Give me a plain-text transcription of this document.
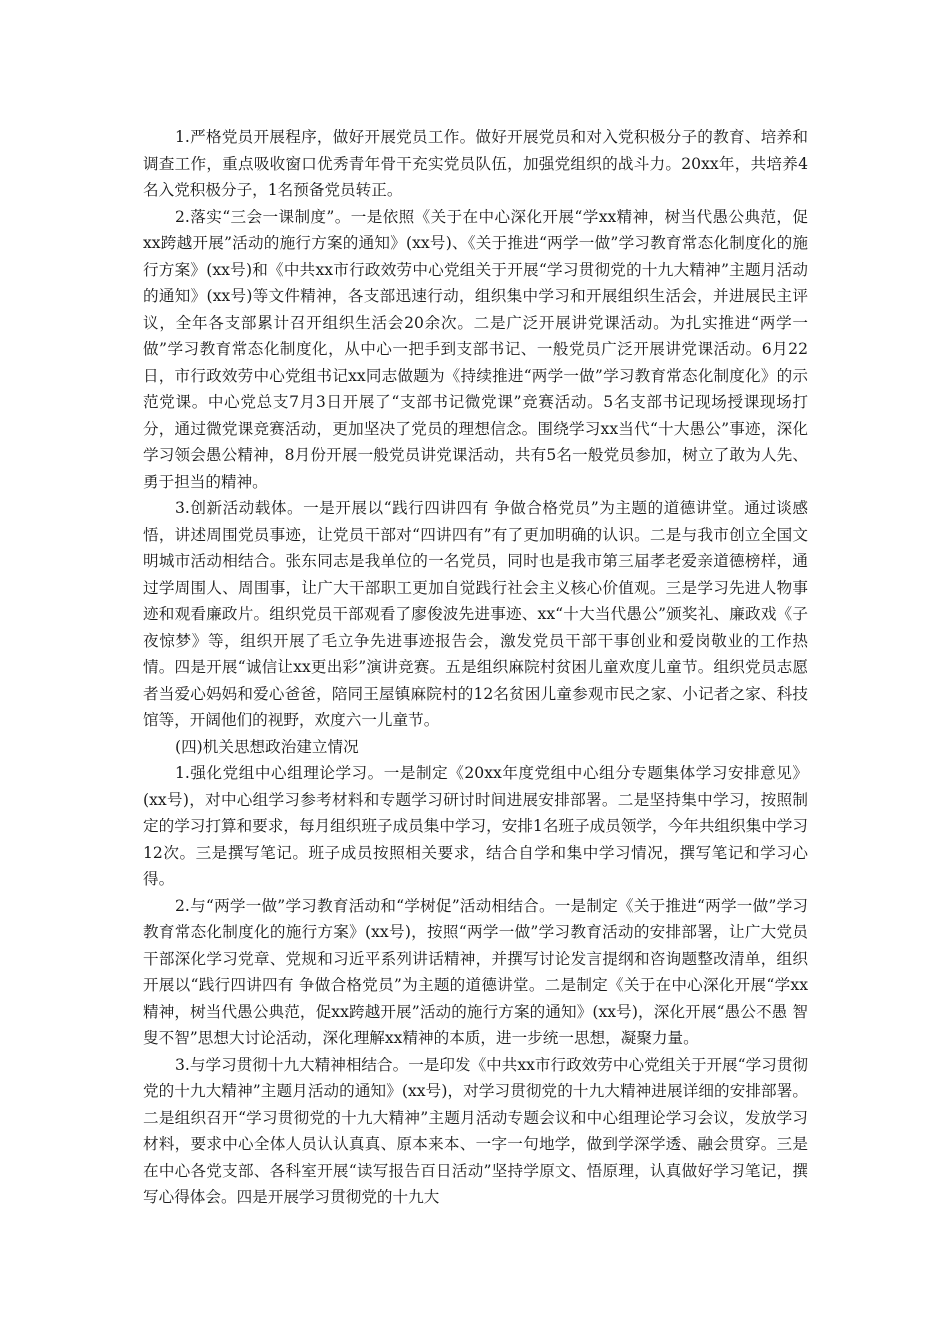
1.严格党员开展程序，做好开展党员工作。做好开展党员和对入党积极分子的教育、培养和调查工作，重点吸收窗口优秀青年骨干充实党员队伍，加强党组织的战斗力。20xx年，共培养4名入党积极分子，1名预备党员转正。

2.落实“三会一课制度”。一是依照《关于在中心深化开展“学xx精神，树当代愚公典范，促xx跨越开展”活动的施行方案的通知》(xx号)、《关于推进“两学一做”学习教育常态化制度化的施行方案》(xx号)和《中共xx市行政效劳中心党组关于开展“学习贯彻党的十九大精神”主题月活动的通知》(xx号)等文件精神，各支部迅速行动，组织集中学习和开展组织生活会，并进展民主评议，全年各支部累计召开组织生活会20余次。二是广泛开展讲党课活动。为扎实推进“两学一做”学习教育常态化制度化，从中心一把手到支部书记、一般党员广泛开展讲党课活动。6月22日，市行政效劳中心党组书记xx同志做题为《持续推进“两学一做”学习教育常态化制度化》的示范党课。中心党总支7月3日开展了“支部书记微党课”竞赛活动。5名支部书记现场授课现场打分，通过微党课竞赛活动，更加坚决了党员的理想信念。围绕学习xx当代“十大愚公”事迹，深化学习领会愚公精神，8月份开展一般党员讲党课活动，共有5名一般党员参加，树立了敢为人先、勇于担当的精神。

3.创新活动载体。一是开展以“践行四讲四有 争做合格党员”为主题的道德讲堂。通过谈感悟，讲述周围党员事迹，让党员干部对“四讲四有”有了更加明确的认识。二是与我市创立全国文明城市活动相结合。张东同志是我单位的一名党员，同时也是我市第三届孝老爱亲道德榜样，通过学周围人、周围事，让广大干部职工更加自觉践行社会主义核心价值观。三是学习先进人物事迹和观看廉政片。组织党员干部观看了廖俊波先进事迹、xx“十大当代愚公”颁奖礼、廉政戏《子夜惊梦》等，组织开展了毛立争先进事迹报告会，激发党员干部干事创业和爱岗敬业的工作热情。四是开展“诚信让xx更出彩”演讲竞赛。五是组织麻院村贫困儿童欢度儿童节。组织党员志愿者当爱心妈妈和爱心爸爸，陪同王屋镇麻院村的12名贫困儿童参观市民之家、小记者之家、科技馆等，开阔他们的视野，欢度六一儿童节。

(四)机关思想政治建立情况

1.强化党组中心组理论学习。一是制定《20xx年度党组中心组分专题集体学习安排意见》(xx号)，对中心组学习参考材料和专题学习研讨时间进展安排部署。二是坚持集中学习，按照制定的学习打算和要求，每月组织班子成员集中学习，安排1名班子成员领学，今年共组织集中学习12次。三是撰写笔记。班子成员按照相关要求，结合自学和集中学习情况，撰写笔记和学习心得。

2.与“两学一做”学习教育活动和“学树促”活动相结合。一是制定《关于推进“两学一做”学习教育常态化制度化的施行方案》(xx号)，按照“两学一做”学习教育活动的安排部署，让广大党员干部深化学习党章、党规和习近平系列讲话精神，并撰写讨论发言提纲和咨询题整改清单，组织开展以“践行四讲四有 争做合格党员”为主题的道德讲堂。二是制定《关于在中心深化开展“学xx精神，树当代愚公典范，促xx跨越开展”活动的施行方案的通知》(xx号)，深化开展“愚公不愚 智叟不智”思想大讨论活动，深化理解xx精神的本质，进一步统一思想，凝聚力量。

3.与学习贯彻十九大精神相结合。一是印发《中共xx市行政效劳中心党组关于开展“学习贯彻党的十九大精神”主题月活动的通知》(xx号)，对学习贯彻党的十九大精神进展详细的安排部署。二是组织召开“学习贯彻党的十九大精神”主题月活动专题会议和中心组理论学习会议，发放学习材料，要求中心全体人员认认真真、原本来本、一字一句地学，做到学深学透、融会贯穿。三是在中心各党支部、各科室开展“读写报告百日活动”坚持学原文、悟原理，认真做好学习笔记，撰写心得体会。四是开展学习贯彻党的十九大
